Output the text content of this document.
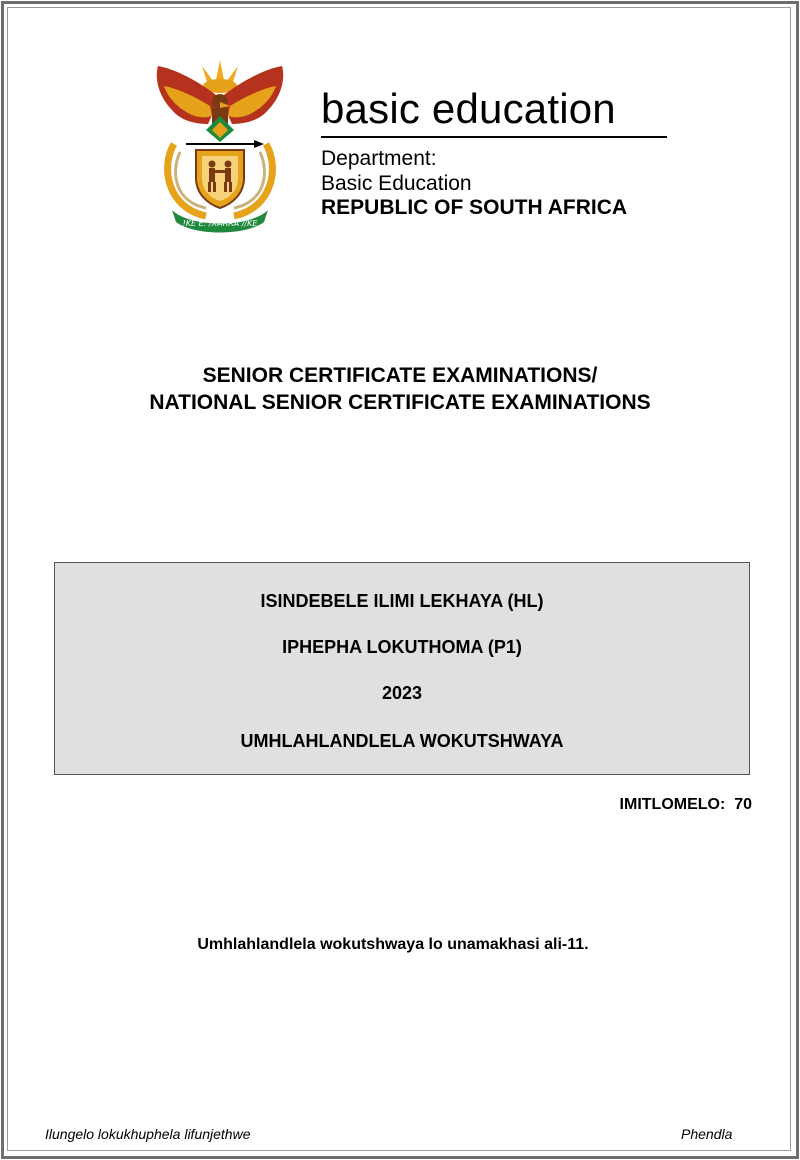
!KE E: /XARRA //KE
basic education
Department:
Basic Education
REPUBLIC OF SOUTH AFRICA
SENIOR CERTIFICATE EXAMINATIONS/
NATIONAL SENIOR CERTIFICATE EXAMINATIONS
ISINDEBELE ILIMI LEKHAYA (HL)
IPHEPHA LOKUTHOMA (P1)
2023
UMHLAHLANDLELA WOKUTSHWAYA
IMITLOMELO:  70
Umhlahlandlela wokutshwaya lo unamakhasi ali-11.
Ilungelo lokukhuphela lifunjethwe	Phendla
